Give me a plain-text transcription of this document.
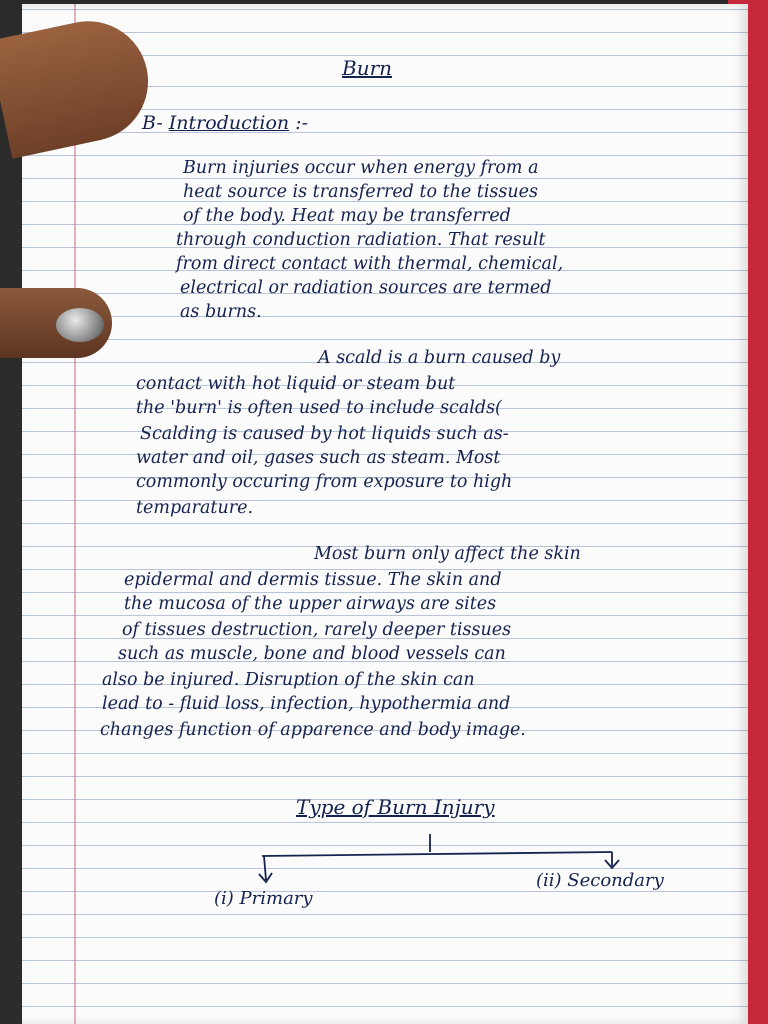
Burn
B- Introduction :-
Burn injuries occur when energy from a
heat source is transferred to the tissues
of the body. Heat may be transferred
through conduction radiation. That result
from direct contact with thermal, chemical,
electrical or radiation sources are termed
as burns.
A scald is a burn caused by
contact with hot liquid or steam but
the 'burn' is often used to include scalds(
Scalding is caused by hot liquids such as-
water and oil, gases such as steam. Most
commonly occuring from exposure to high
temparature.
Most burn only affect the skin
epidermal and dermis tissue. The skin and
the mucosa of the upper airways are sites
of tissues destruction, rarely deeper tissues
such as muscle, bone and blood vessels can
also be injured. Disruption of the skin can
lead to - fluid loss, infection, hypothermia and
changes function of apparence and body image.
Type of Burn Injury
(i) Primary
(ii) Secondary
